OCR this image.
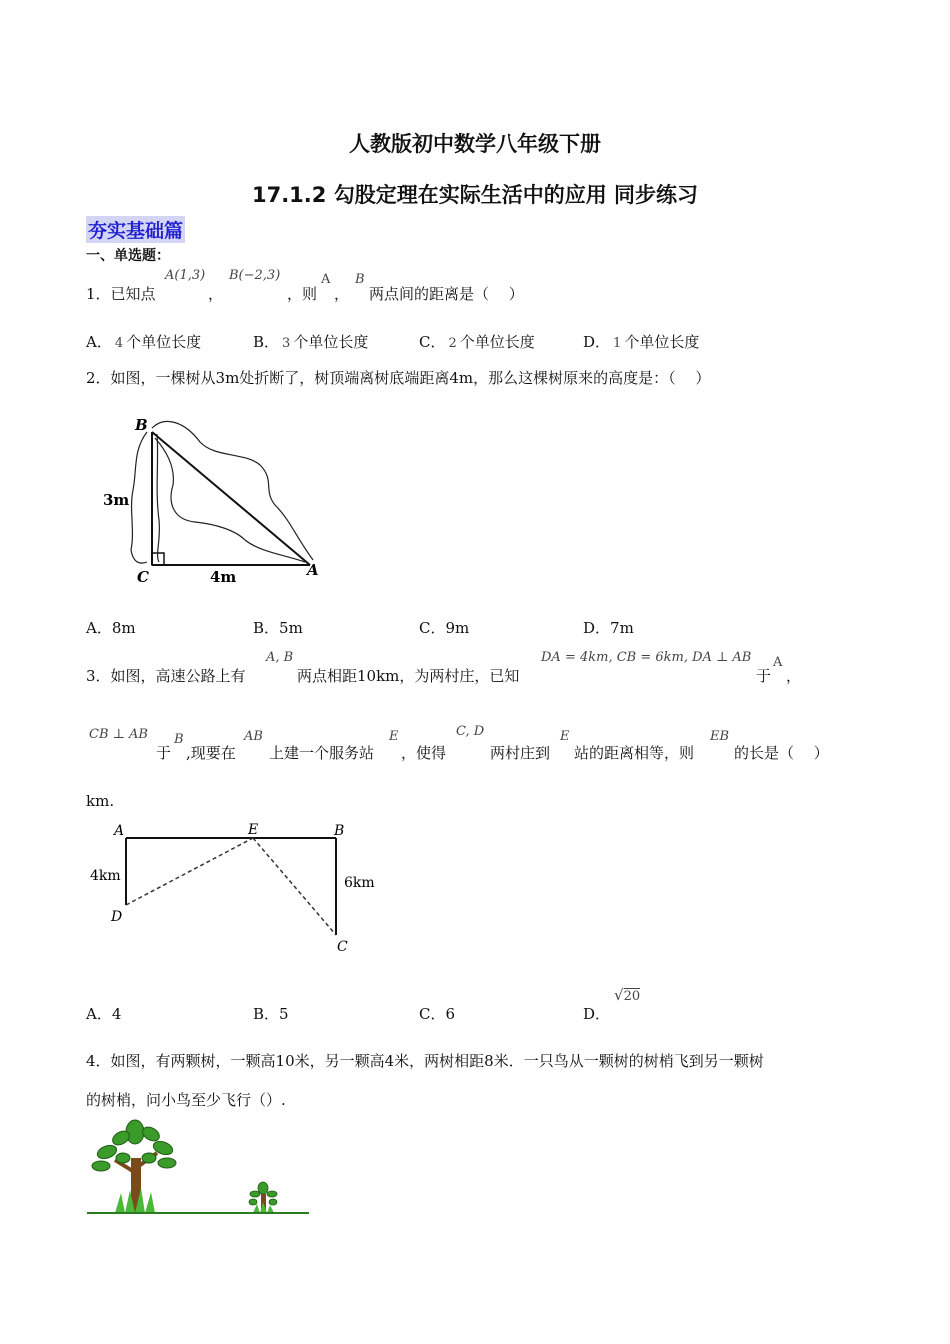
人教版初中数学八年级下册
17.1.2 勾股定理在实际生活中的应用 同步练习
夯实基础篇
一、单选题：
1．已知点
A(1,3)
，
B(−2,3)
，则
A
，
B
两点间的距离是（　 ）
A． 4 个单位长度	B． 3 个单位长度	C． 2 个单位长度	D． 1 个单位长度
2．如图，一棵树从3m处折断了，树顶端离树底端距离4m，那么这棵树原来的高度是：（　 ）
B
C	A
3m
4m
A．8m	B．5m	C．9m	D．7m
3．如图，高速公路上有
A, B
两点相距10km，为两村庄，已知
DA = 4km, CB = 6km, DA ⊥ AB
于
A
，
CB ⊥ AB
于
B
,现要在
AB
上建一个服务站
E
，使得
C, D
两村庄到
E
站的距离相等，则
EB
的长是（　 ）
km.
A	E	B
D
C
4km	6km
A．4	B．5	C．6	D．
√20
4．如图，有两颗树，一颗高10米，另一颗高4米，两树相距8米．一只鸟从一颗树的树梢飞到另一颗树
的树梢，问小鸟至少飞行（）.
